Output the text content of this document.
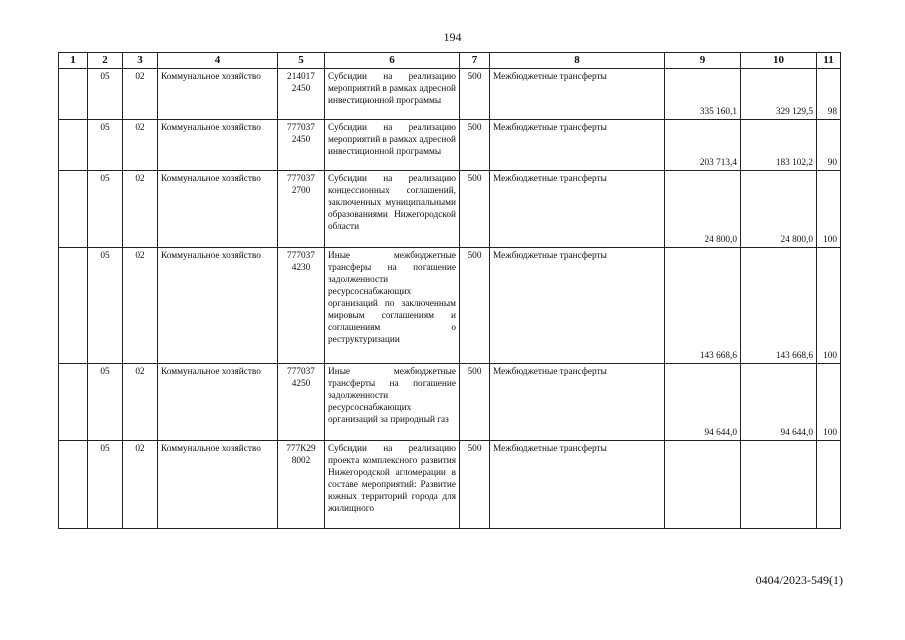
194
1	2	3	4	5	6	7	8	9	10	11
	05	02	Коммунальное хозяйство	214017 2450	Субсидии на реализацию мероприятий в рамках адресной инвестиционной программы	500	Межбюджетные трансферты	335 160,1	329 129,5	98
	05	02	Коммунальное хозяйство	777037 2450	Субсидии на реализацию мероприятий в рамках адресной инвестиционной программы	500	Межбюджетные трансферты	203 713,4	183 102,2	90
	05	02	Коммунальное хозяйство	777037 2700	Субсидии на реализацию концессионных соглашений, заключенных муниципальными образованиями Нижегородской области	500	Межбюджетные трансферты	24 800,0	24 800,0	100
	05	02	Коммунальное хозяйство	777037 4230	Иные межбюджетные трансферы на погашение задолженности ресурсоснабжающих организаций по заключенным мировым соглашениям и соглашениям о реструктуризации	500	Межбюджетные трансферты	143 668,6	143 668,6	100
	05	02	Коммунальное хозяйство	777037 4250	Иные межбюджетные трансферты на погашение задолженности ресурсоснабжающих организаций за природный газ	500	Межбюджетные трансферты	94 644,0	94 644,0	100
	05	02	Коммунальное хозяйство	777К29 8002	Субсидии на реализацию проекта комплексного развития Нижегородской агломерации в составе мероприятий: Развитие южных территорий города для жилищного	500	Межбюджетные трансферты			
0404/2023-549(1)
